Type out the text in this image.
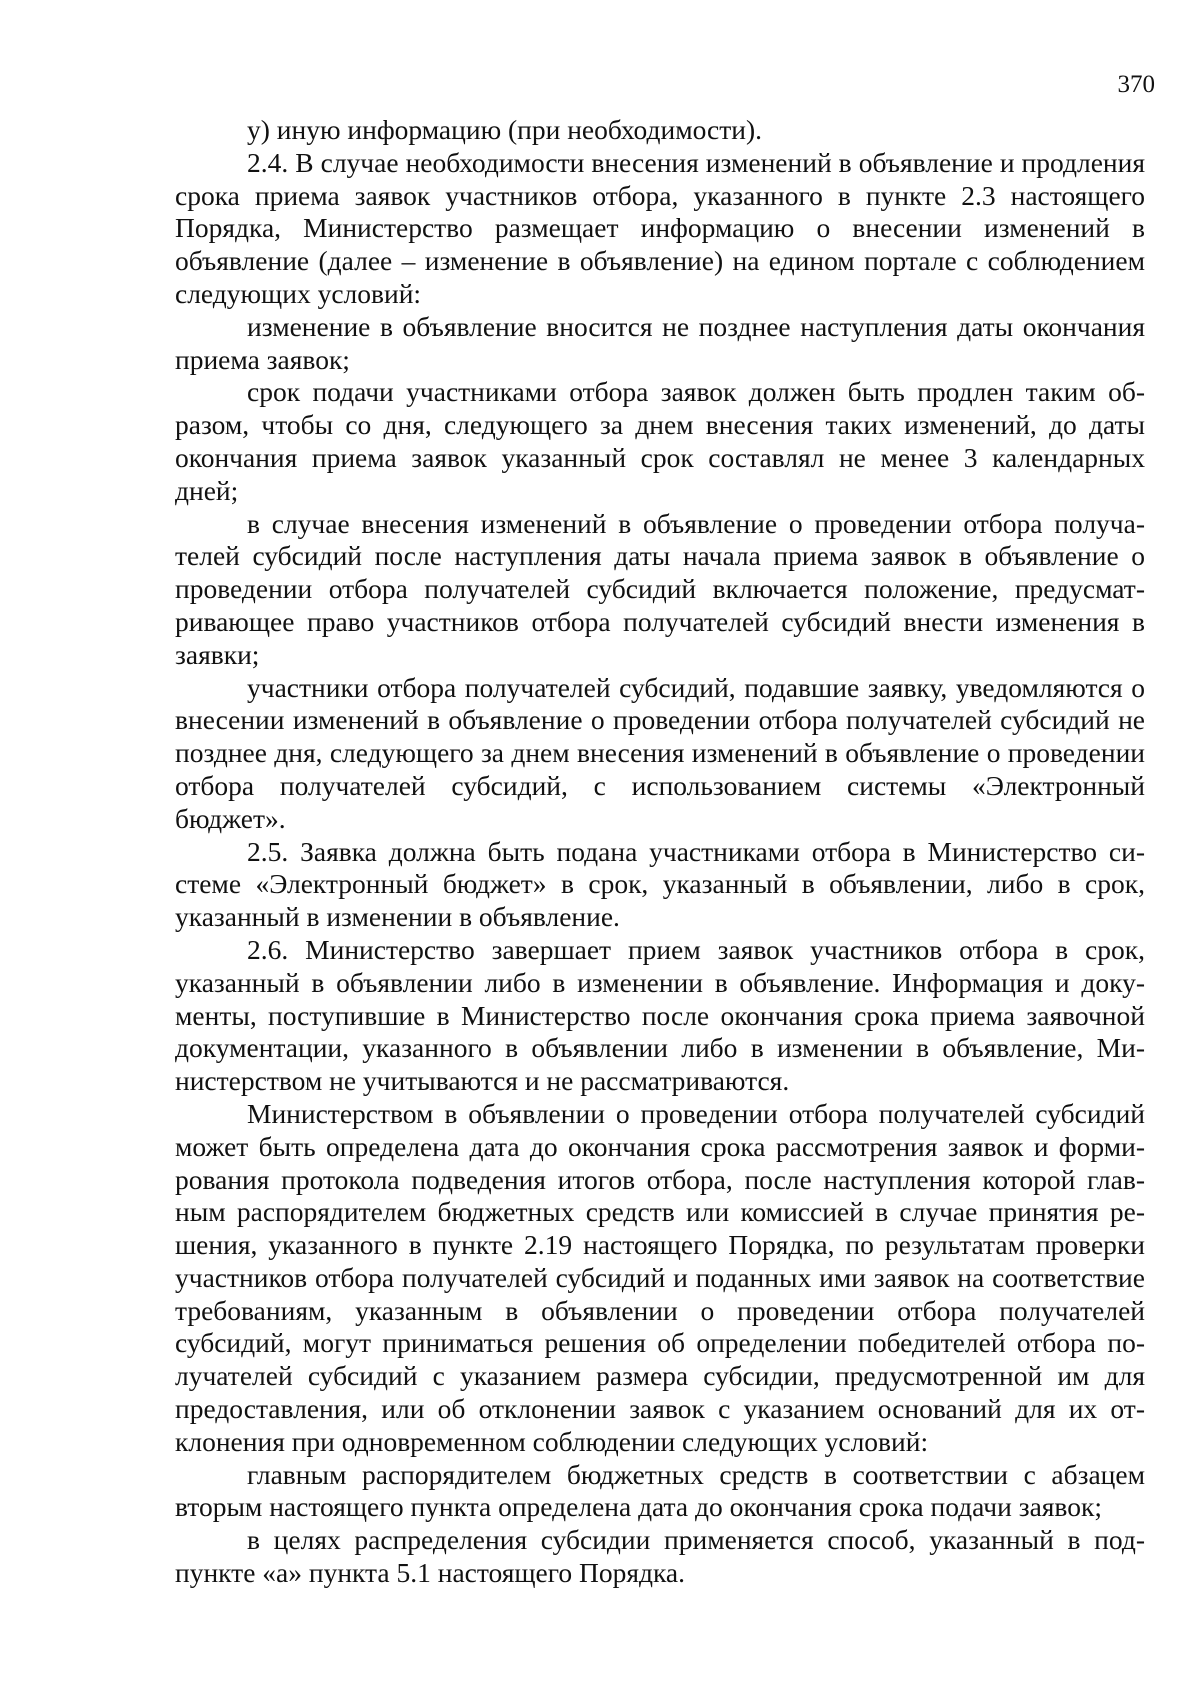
370

у) иную информацию (при необходимости).

2.4. В случае необходимости внесения изменений в объявление и продления срока приема заявок участников отбора, указанного в пункте 2.3 настоящего Порядка, Министерство размещает информацию о внесении изменений в объявление (далее – изменение в объявление) на едином портале с соблюдением следующих условий:

изменение в объявление вносится не позднее наступления даты окончания приема заявок;

срок подачи участниками отбора заявок должен быть продлен таким образом, чтобы со дня, следующего за днем внесения таких изменений, до даты окончания приема заявок указанный срок составлял не менее 3 календарных дней;

в случае внесения изменений в объявление о проведении отбора получателей субсидий после наступления даты начала приема заявок в объявление о проведении отбора получателей субсидий включается положение, предусматривающее право участников отбора получателей субсидий внести изменения в заявки;

участники отбора получателей субсидий, подавшие заявку, уведомляются о внесении изменений в объявление о проведении отбора получателей субсидий не позднее дня, следующего за днем внесения изменений в объявление о проведении отбора получателей субсидий, с использованием системы «Электронный бюджет».

2.5. Заявка должна быть подана участниками отбора в Министерство системе «Электронный бюджет» в срок, указанный в объявлении, либо в срок, указанный в изменении в объявление.

2.6. Министерство завершает прием заявок участников отбора в срок, указанный в объявлении либо в изменении в объявление. Информация и документы, поступившие в Министерство после окончания срока приема заявочной документации, указанного в объявлении либо в изменении в объявление, Министерством не учитываются и не рассматриваются.

Министерством в объявлении о проведении отбора получателей субсидий может быть определена дата до окончания срока рассмотрения заявок и формирования протокола подведения итогов отбора, после наступления которой главным распорядителем бюджетных средств или комиссией в случае принятия решения, указанного в пункте 2.19 настоящего Порядка, по результатам проверки участников отбора получателей субсидий и поданных ими заявок на соответствие требованиям, указанным в объявлении о проведении отбора получателей субсидий, могут приниматься решения об определении победителей отбора получателей субсидий с указанием размера субсидии, предусмотренной им для предоставления, или об отклонении заявок с указанием оснований для их отклонения при одновременном соблюдении следующих условий:

главным распорядителем бюджетных средств в соответствии с абзацем вторым настоящего пункта определена дата до окончания срока подачи заявок;

в целях распределения субсидии применяется способ, указанный в подпункте «а» пункта 5.1 настоящего Порядка.
